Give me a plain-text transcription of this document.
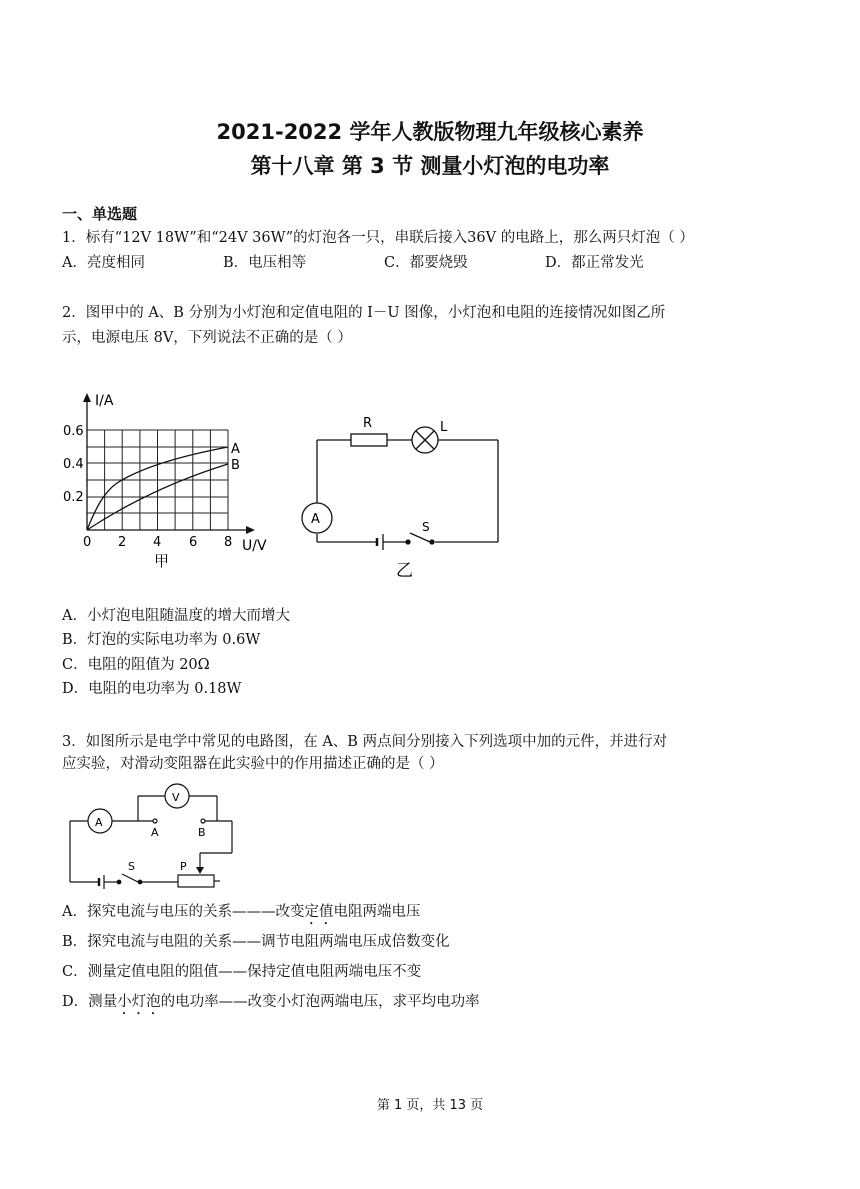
2021-2022 学年人教版物理九年级核心素养
第十八章 第 3 节 测量小灯泡的电功率
一、单选题
1．标有“12V 18W”和“24V 36W”的灯泡各一只，串联后接入36V 的电路上，那么两只灯泡（ ）
A．亮度相同	B．电压相等	C．都要烧毁	D．都正常发光
2．图甲中的 A、B 分别为小灯泡和定值电阻的 I－U 图像，小灯泡和电阻的连接情况如图乙所
示，电源电压 8V，下列说法不正确的是（ ）
I/A
U/V
0.6
0.4
0.2
0 2 4 6 8
A
B
甲
R	L
A	S
乙
A．小灯泡电阻随温度的增大而增大
B．灯泡的实际电功率为 0.6W
C．电阻的阻值为 20Ω
D．电阻的电功率为 0.18W
3．如图所示是电学中常见的电路图，在 A、B 两点间分别接入下列选项中加的元件，并进行对
应实验，对滑动变阻器在此实验中的作用描述正确的是（ ）
A
V
A	B
S	P
A．探究电流与电压的关系———改变定值电阻两端电压
B．探究电流与电阻的关系——调节电阻两端电压成倍数变化
C．测量定值电阻的阻值——保持定值电阻两端电压不变
D．测量小灯泡的电功率——改变小灯泡两端电压，求平均电功率
第 1 页，共 13 页
